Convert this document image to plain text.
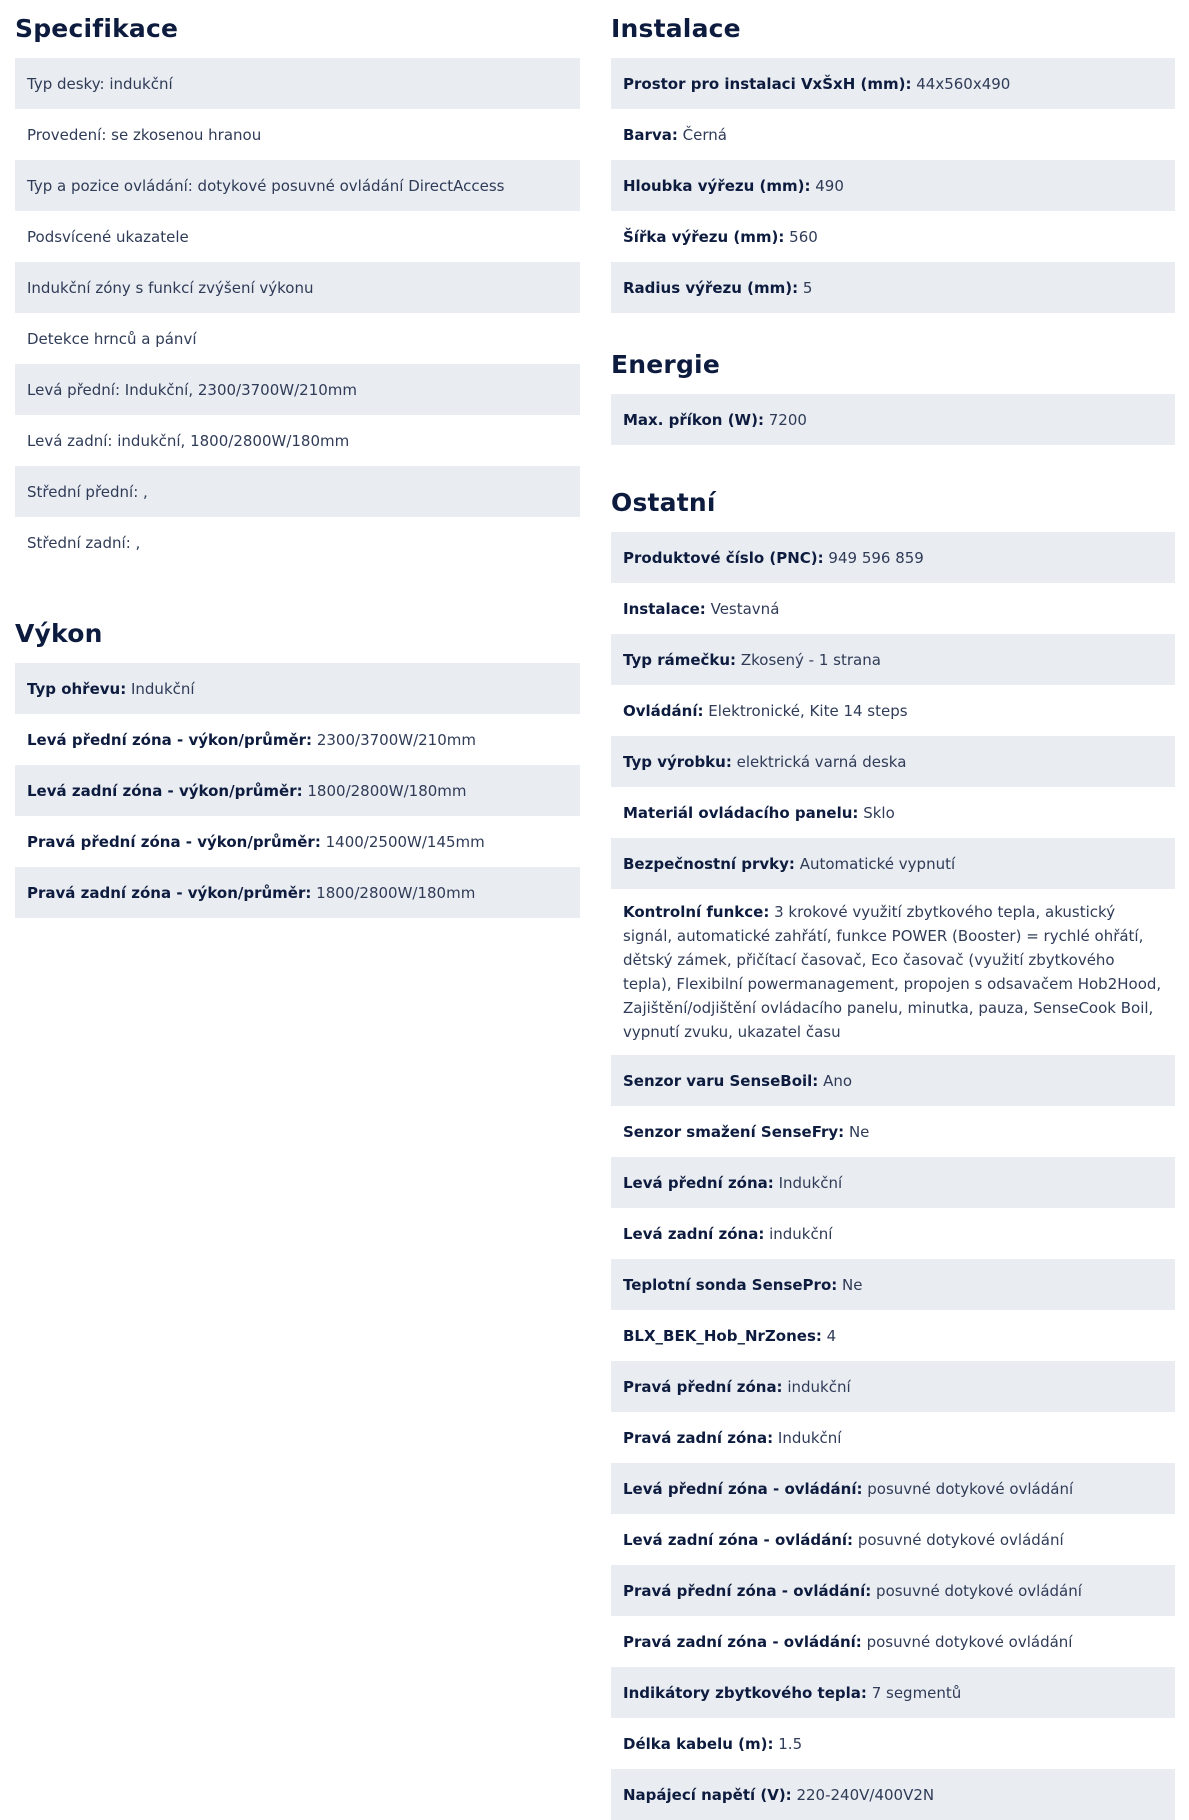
Specifikace
Typ desky: indukční
Provedení: se zkosenou hranou
Typ a pozice ovládání: dotykové posuvné ovládání DirectAccess
Podsvícené ukazatele
Indukční zóny s funkcí zvýšení výkonu
Detekce hrnců a pánví
Levá přední: Indukční, 2300/3700W/210mm
Levá zadní: indukční, 1800/2800W/180mm
Střední přední: ,
Střední zadní: ,
Výkon
Typ ohřevu: Indukční
Levá přední zóna - výkon/průměr: 2300/3700W/210mm
Levá zadní zóna - výkon/průměr: 1800/2800W/180mm
Pravá přední zóna - výkon/průměr: 1400/2500W/145mm
Pravá zadní zóna - výkon/průměr: 1800/2800W/180mm
Instalace
Prostor pro instalaci VxŠxH (mm): 44x560x490
Barva: Černá
Hloubka výřezu (mm): 490
Šířka výřezu (mm): 560
Radius výřezu (mm): 5
Energie
Max. příkon (W): 7200
Ostatní
Produktové číslo (PNC): 949 596 859
Instalace: Vestavná
Typ rámečku: Zkosený - 1 strana
Ovládání: Elektronické, Kite 14 steps
Typ výrobku: elektrická varná deska
Materiál ovládacího panelu: Sklo
Bezpečnostní prvky: Automatické vypnutí
Kontrolní funkce: 3 krokové využití zbytkového tepla, akustický signál, automatické zahřátí, funkce POWER (Booster) = rychlé ohřátí, dětský zámek, přičítací časovač, Eco časovač (využití zbytkového tepla), Flexibilní powermanagement, propojen s odsavačem Hob2Hood, Zajištění/odjištění ovládacího panelu, minutka, pauza, SenseCook Boil, vypnutí zvuku, ukazatel času
Senzor varu SenseBoil: Ano
Senzor smažení SenseFry: Ne
Levá přední zóna: Indukční
Levá zadní zóna: indukční
Teplotní sonda SensePro: Ne
BLX_BEK_Hob_NrZones: 4
Pravá přední zóna: indukční
Pravá zadní zóna: Indukční
Levá přední zóna - ovládání: posuvné dotykové ovládání
Levá zadní zóna - ovládání: posuvné dotykové ovládání
Pravá přední zóna - ovládání: posuvné dotykové ovládání
Pravá zadní zóna - ovládání: posuvné dotykové ovládání
Indikátory zbytkového tepla: 7 segmentů
Délka kabelu (m): 1.5
Napájecí napětí (V): 220-240V/400V2N
